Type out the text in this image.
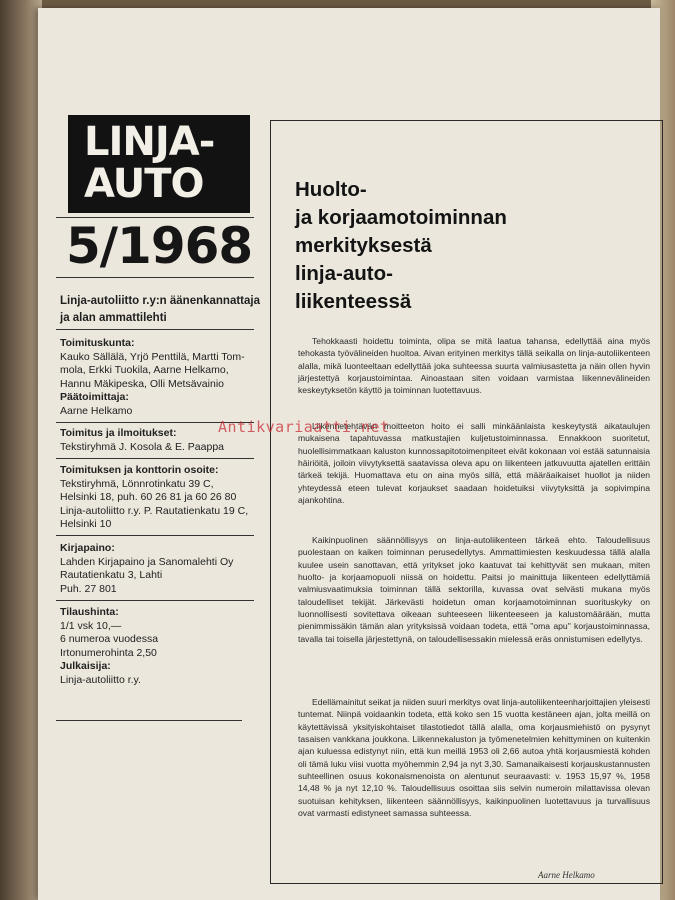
LINJA-
AUTO
5/1968
Linja-autoliitto r.y:n äänenkannattaja ja alan ammattilehti
Toimituskunta:
Kauko Sällälä, Yrjö Penttilä, Martti Tom-
mola, Erkki Tuokila, Aarne Helkamo,
Hannu Mäkipeska, Olli Metsävainio
Päätoimittaja:
Aarne Helkamo
Toimitus ja ilmoitukset:
Tekstiryhmä J. Kosola & E. Paappa
Toimituksen ja konttorin osoite:
Tekstiryhmä, Lönnrotinkatu 39 C,
Helsinki 18, puh. 60 26 81 ja 60 26 80
Linja-autoliitto r.y. P. Rautatienkatu 19 C,
Helsinki 10
Kirjapaino:
Lahden Kirjapaino ja Sanomalehti Oy
Rautatienkatu 3, Lahti
Puh. 27 801
Tilaushinta:
1/1 vsk 10,—
6 numeroa vuodessa
Irtonumerohinta 2,50
Julkaisija:
Linja-autoliitto r.y.
Huolto-
ja korjaamotoiminnan
merkityksestä
linja-auto-
liikenteessä

Tehokkaasti hoidettu toiminta, olipa se mitä laatua tahansa, edellyttää aina myös tehokasta työvälineiden huoltoa. Aivan erityinen merkitys tällä seikalla on linja-autoliikenteen alalla, mikä luonteeltaan edellyttää joka suhteessa suurta valmiusastetta ja näin ollen hyvin järjestettyä korjaustoimintaa. Ainoastaan siten voidaan varmistaa liikennevälineiden keskeytyksetön käyttö ja toiminnan luotettavuus.

Liikennetehtävän moitteeton hoito ei salli minkäänlaista keskeytystä aikataulujen mukaisena tapahtuvassa matkustajien kuljetustoiminnassa. Ennakkoon suoritetut, huolellisimmatkaan kaluston kunnossapitotoimenpiteet eivät kokonaan voi estää satunnaisia häiriöitä, joiloin viivytyksettä saatavissa oleva apu on liikenteen jatkuvuutta ajatellen erittäin tärkeä tekijä. Huomattava etu on aina myös sillä, että määräaikaiset huollot ja niiden yhteydessä eteen tulevat korjaukset saadaan hoidetuiksi viivytyksittä ja sopivimpina ajankohtina.

Kaikinpuolinen säännöllisyys on linja-autoliikenteen tärkeä ehto. Taloudellisuus puolestaan on kaiken toiminnan perusedellytys. Ammattimiesten keskuudessa tällä alalla kuulee usein sanottavan, että yritykset joko kaatuvat tai kehittyvät sen mukaan, miten huolto- ja korjaamopuoli niissä on hoidettu. Paitsi jo mainittuja liikenteen edellyttämiä valmiusvaatimuksia toiminnan tällä sektorilla, kuvassa ovat selvästi mukana myös taloudelliset tekijät. Järkevästi hoidetun oman korjaamotoiminnan suorituskyky on luonnollisesti sovitettava oikeaan suhteeseen liikenteeseen ja kalustomäärään, mutta pienimmissäkin tämän alan yrityksissä voidaan todeta, että "oma apu" korjaustoiminnassa, tavalla tai toisella järjestettynä, on taloudellisessakin mielessä eräs onnistumisen edellytys.

Edellämainitut seikat ja niiden suuri merkitys ovat linja-autoliikenteenharjoittajien yleisesti tuntemat. Niinpä voidaankin todeta, että koko sen 15 vuotta kestäneen ajan, jolta meillä on käytettävissä yksityiskohtaiset tilastotiedot tällä alalla, oma korjausmiehistö on pysynyt tasaisen vankkana joukkona. Liikennekaluston ja työmenetelmien kehittyminen on kuitenkin ajan kuluessa edistynyt niin, että kun meillä 1953 oli 2,66 autoa yhtä korjausmiestä kohden oli tämä luku viisi vuotta myöhemmin 2,94 ja nyt 3,30. Samanaikaisesti korjauskustannusten suhteellinen osuus kokonaismenoista on alentunut seuraavasti: v. 1953 15,97 %, 1958 14,48 % ja nyt 12,10 %. Taloudellisuus osoittaa siis selvin numeroin milattavissa olevan suotuisan kehityksen, liikenteen säännöllisyys, kaikinpuolinen luotettavuus ja turvallisuus ovat varmasti edistyneet samassa suhteessa.

Aarne Helkamo
Antikvariaatti.net
